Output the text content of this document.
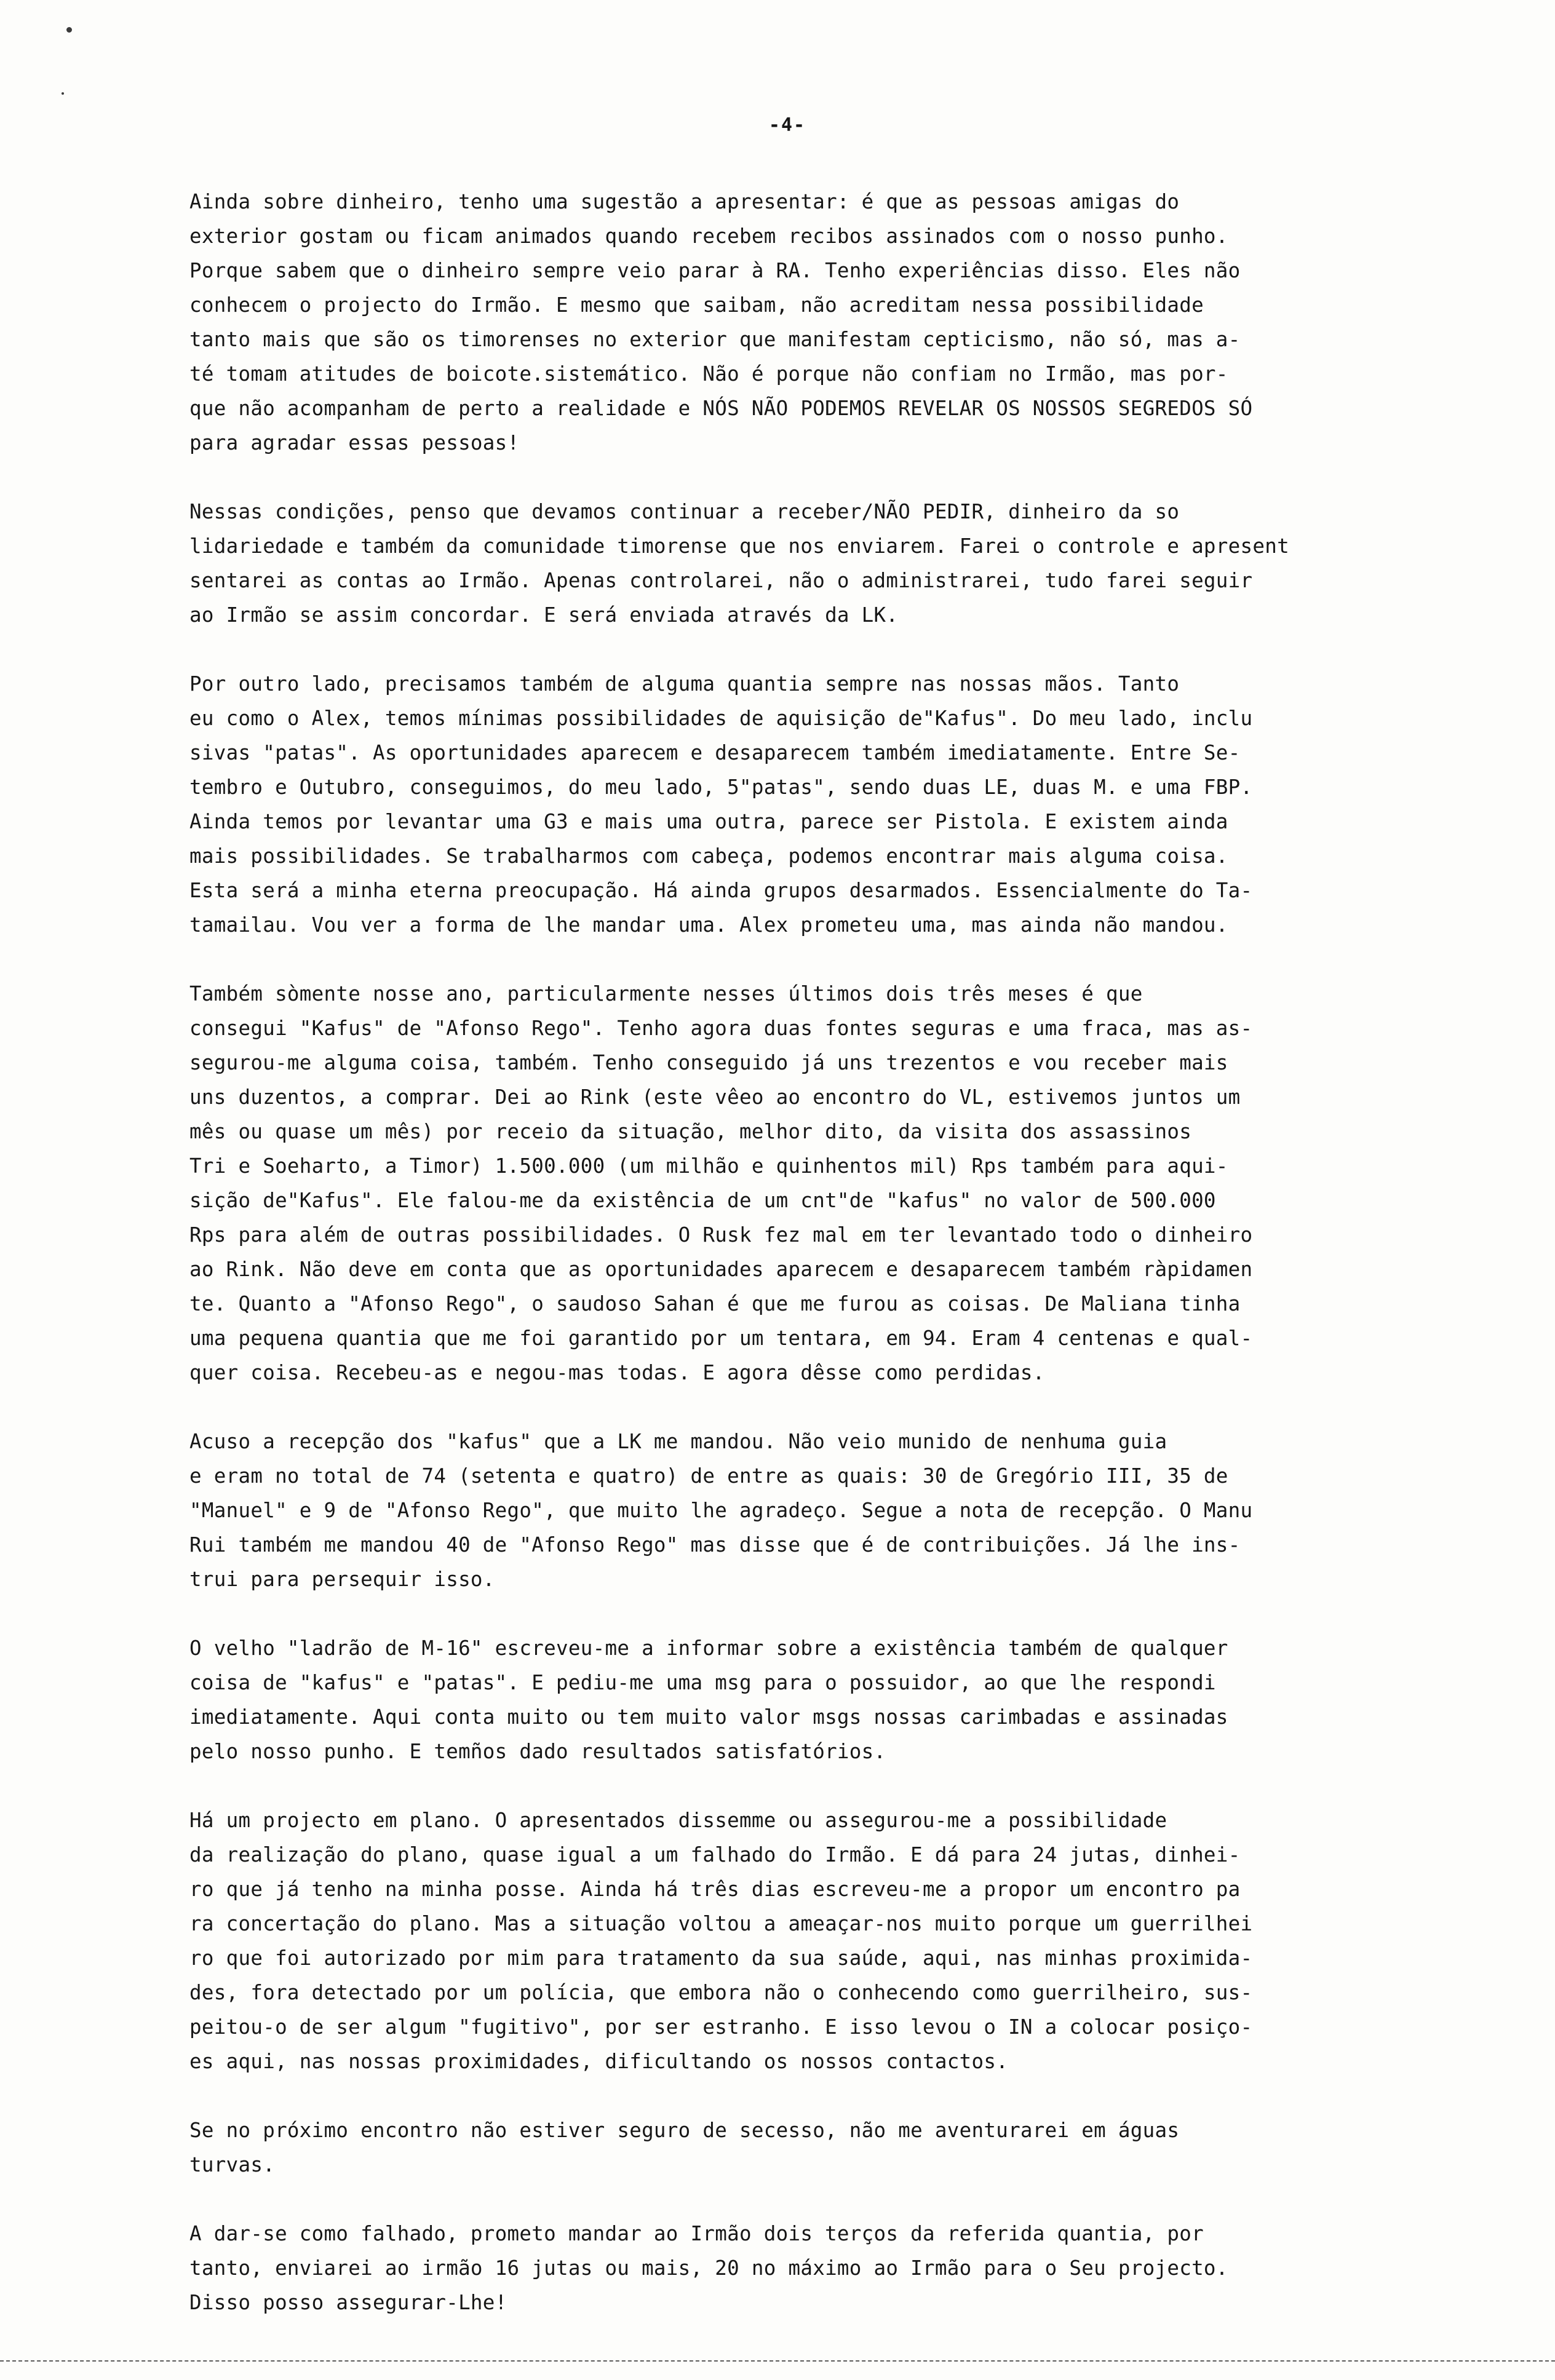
-4-
Ainda sobre dinheiro, tenho uma sugestão a apresentar: é que as pessoas amigas do
exterior gostam ou ficam animados quando recebem recibos assinados com o nosso punho.
Porque sabem que o dinheiro sempre veio parar à RA. Tenho experiências disso. Eles não
conhecem o projecto do Irmão. E mesmo que saibam, não acreditam nessa possibilidade
tanto mais que são os timorenses no exterior que manifestam cepticismo, não só, mas a-
té tomam atitudes de boicote.sistemático. Não é porque não confiam no Irmão, mas por-
que não acompanham de perto a realidade e NÓS NÃO PODEMOS REVELAR OS NOSSOS SEGREDOS SÓ
para agradar essas pessoas!
Nessas condições, penso que devamos continuar a receber/NÃO PEDIR, dinheiro da so
lidariedade e também da comunidade timorense que nos enviarem. Farei o controle e apresent
sentarei as contas ao Irmão. Apenas controlarei, não o administrarei, tudo farei seguir
ao Irmão se assim concordar. E será enviada através da LK.
Por outro lado, precisamos também de alguma quantia sempre nas nossas mãos. Tanto
eu como o Alex, temos mínimas possibilidades de aquisição de"Kafus". Do meu lado, inclu
sivas "patas". As oportunidades aparecem e desaparecem também imediatamente. Entre Se-
tembro e Outubro, conseguimos, do meu lado, 5"patas", sendo duas LE, duas M. e uma FBP.
Ainda temos por levantar uma G3 e mais uma outra, parece ser Pistola. E existem ainda
mais possibilidades. Se trabalharmos com cabeça, podemos encontrar mais alguma coisa.
Esta será a minha eterna preocupação. Há ainda grupos desarmados. Essencialmente do Ta-
tamailau. Vou ver a forma de lhe mandar uma. Alex prometeu uma, mas ainda não mandou.
Também sòmente nosse ano, particularmente nesses últimos dois três meses é que
consegui "Kafus" de "Afonso Rego". Tenho agora duas fontes seguras e uma fraca, mas as-
segurou-me alguma coisa, também. Tenho conseguido já uns trezentos e vou receber mais
uns duzentos, a comprar. Dei ao Rink (este vêeo ao encontro do VL, estivemos juntos um
mês ou quase um mês) por receio da situação, melhor dito, da visita dos assassinos
Tri e Soeharto, a Timor) 1.500.000 (um milhão e quinhentos mil) Rps também para aqui-
sição de"Kafus". Ele falou-me da existência de um cnt"de "kafus" no valor de 500.000
Rps para além de outras possibilidades. O Rusk fez mal em ter levantado todo o dinheiro
ao Rink. Não deve em conta que as oportunidades aparecem e desaparecem também ràpidamen
te. Quanto a "Afonso Rego", o saudoso Sahan é que me furou as coisas. De Maliana tinha
uma pequena quantia que me foi garantido por um tentara, em 94. Eram 4 centenas e qual-
quer coisa. Recebeu-as e negou-mas todas. E agora dêsse como perdidas.
Acuso a recepção dos "kafus" que a LK me mandou. Não veio munido de nenhuma guia
e eram no total de 74 (setenta e quatro) de entre as quais: 30 de Gregório III, 35 de
"Manuel" e 9 de "Afonso Rego", que muito lhe agradeço. Segue a nota de recepção. O Manu
Rui também me mandou 40 de "Afonso Rego" mas disse que é de contribuições. Já lhe ins-
trui para persequir isso.
O velho "ladrão de M-16" escreveu-me a informar sobre a existência também de qualquer
coisa de "kafus" e "patas". E pediu-me uma msg para o possuidor, ao que lhe respondi
imediatamente. Aqui conta muito ou tem muito valor msgs nossas carimbadas e assinadas
pelo nosso punho. E temños dado resultados satisfatórios.
Há um projecto em plano. O apresentados dissemme ou assegurou-me a possibilidade
da realização do plano, quase igual a um falhado do Irmão. E dá para 24 jutas, dinhei-
ro que já tenho na minha posse. Ainda há três dias escreveu-me a propor um encontro pa
ra concertação do plano. Mas a situação voltou a ameaçar-nos muito porque um guerrilhei
ro que foi autorizado por mim para tratamento da sua saúde, aqui, nas minhas proximida-
des, fora detectado por um polícia, que embora não o conhecendo como guerrilheiro, sus-
peitou-o de ser algum "fugitivo", por ser estranho. E isso levou o IN a colocar posiço-
es aqui, nas nossas proximidades, dificultando os nossos contactos.
Se no próximo encontro não estiver seguro de secesso, não me aventurarei em águas
turvas.
A dar-se como falhado, prometo mandar ao Irmão dois terços da referida quantia, por
tanto, enviarei ao irmão 16 jutas ou mais, 20 no máximo ao Irmão para o Seu projecto.
Disso posso assegurar-Lhe!
